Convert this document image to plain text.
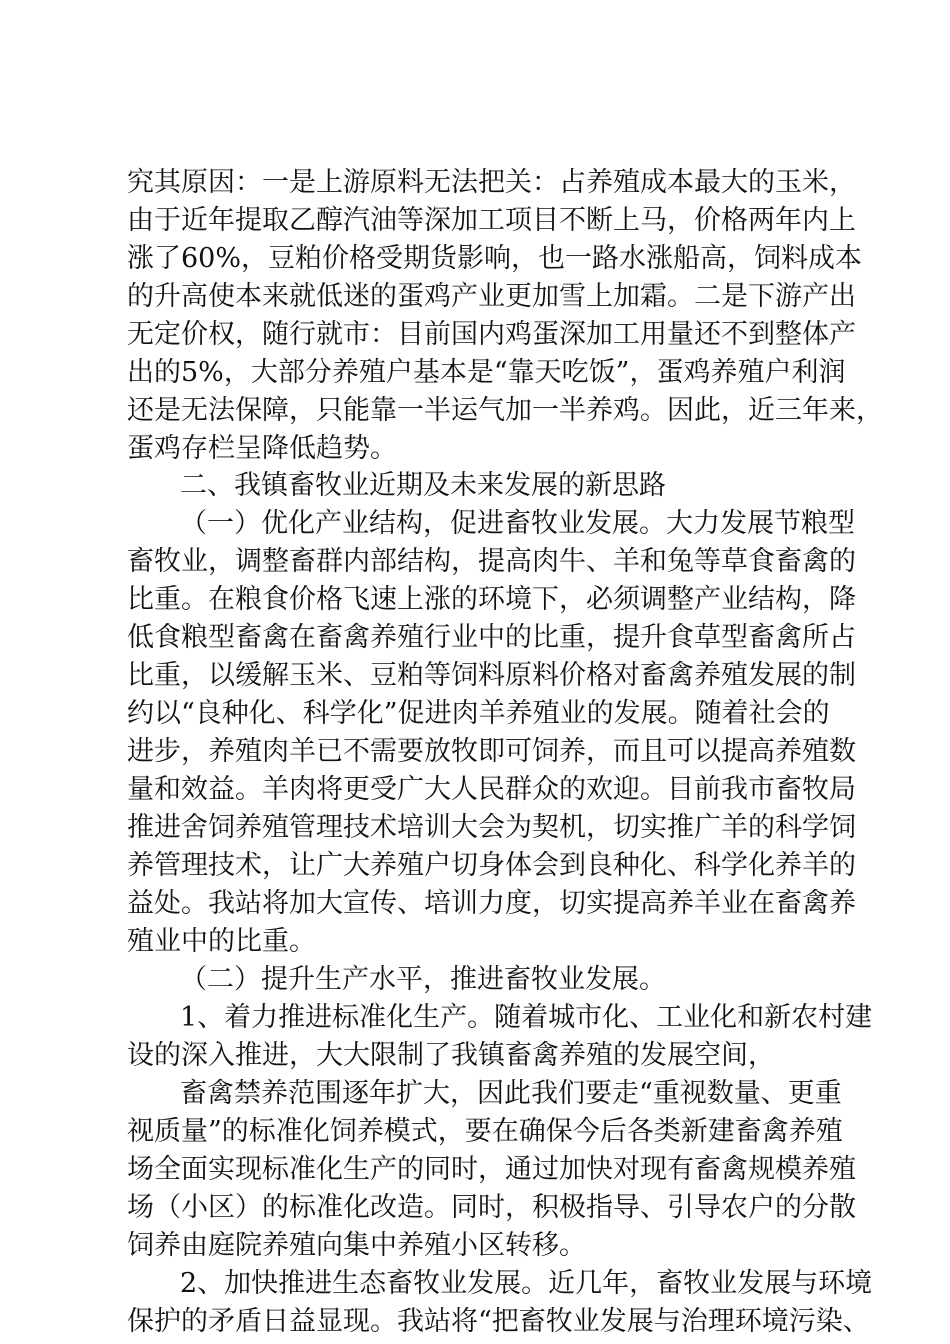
究其原因：一是上游原料无法把关：占养殖成本最大的玉米，
由于近年提取乙醇汽油等深加工项目不断上马，价格两年内上
涨了60%，豆粕价格受期货影响，也一路水涨船高，饲料成本
的升高使本来就低迷的蛋鸡产业更加雪上加霜。二是下游产出
无定价权，随行就市：目前国内鸡蛋深加工用量还不到整体产
出的5%，大部分养殖户基本是“靠天吃饭”，蛋鸡养殖户利润
还是无法保障，只能靠一半运气加一半养鸡。因此，近三年来，
蛋鸡存栏呈降低趋势。
二、我镇畜牧业近期及未来发展的新思路
（一）优化产业结构，促进畜牧业发展。大力发展节粮型
畜牧业，调整畜群内部结构，提高肉牛、羊和兔等草食畜禽的
比重。在粮食价格飞速上涨的环境下，必须调整产业结构，降
低食粮型畜禽在畜禽养殖行业中的比重，提升食草型畜禽所占
比重，以缓解玉米、豆粕等饲料原料价格对畜禽养殖发展的制
约以“良种化、科学化”促进肉羊养殖业的发展。随着社会的
进步，养殖肉羊已不需要放牧即可饲养，而且可以提高养殖数
量和效益。羊肉将更受广大人民群众的欢迎。目前我市畜牧局
推进舍饲养殖管理技术培训大会为契机，切实推广羊的科学饲
养管理技术，让广大养殖户切身体会到良种化、科学化养羊的
益处。我站将加大宣传、培训力度，切实提高养羊业在畜禽养
殖业中的比重。
（二）提升生产水平，推进畜牧业发展。
1、着力推进标准化生产。随着城市化、工业化和新农村建
设的深入推进，大大限制了我镇畜禽养殖的发展空间，
畜禽禁养范围逐年扩大，因此我们要走“重视数量、更重
视质量”的标准化饲养模式，要在确保今后各类新建畜禽养殖
场全面实现标准化生产的同时，通过加快对现有畜禽规模养殖
场（小区）的标准化改造。同时，积极指导、引导农户的分散
饲养由庭院养殖向集中养殖小区转移。
2、加快推进生态畜牧业发展。近几年，畜牧业发展与环境
保护的矛盾日益显现。我站将“把畜牧业发展与治理环境污染、
